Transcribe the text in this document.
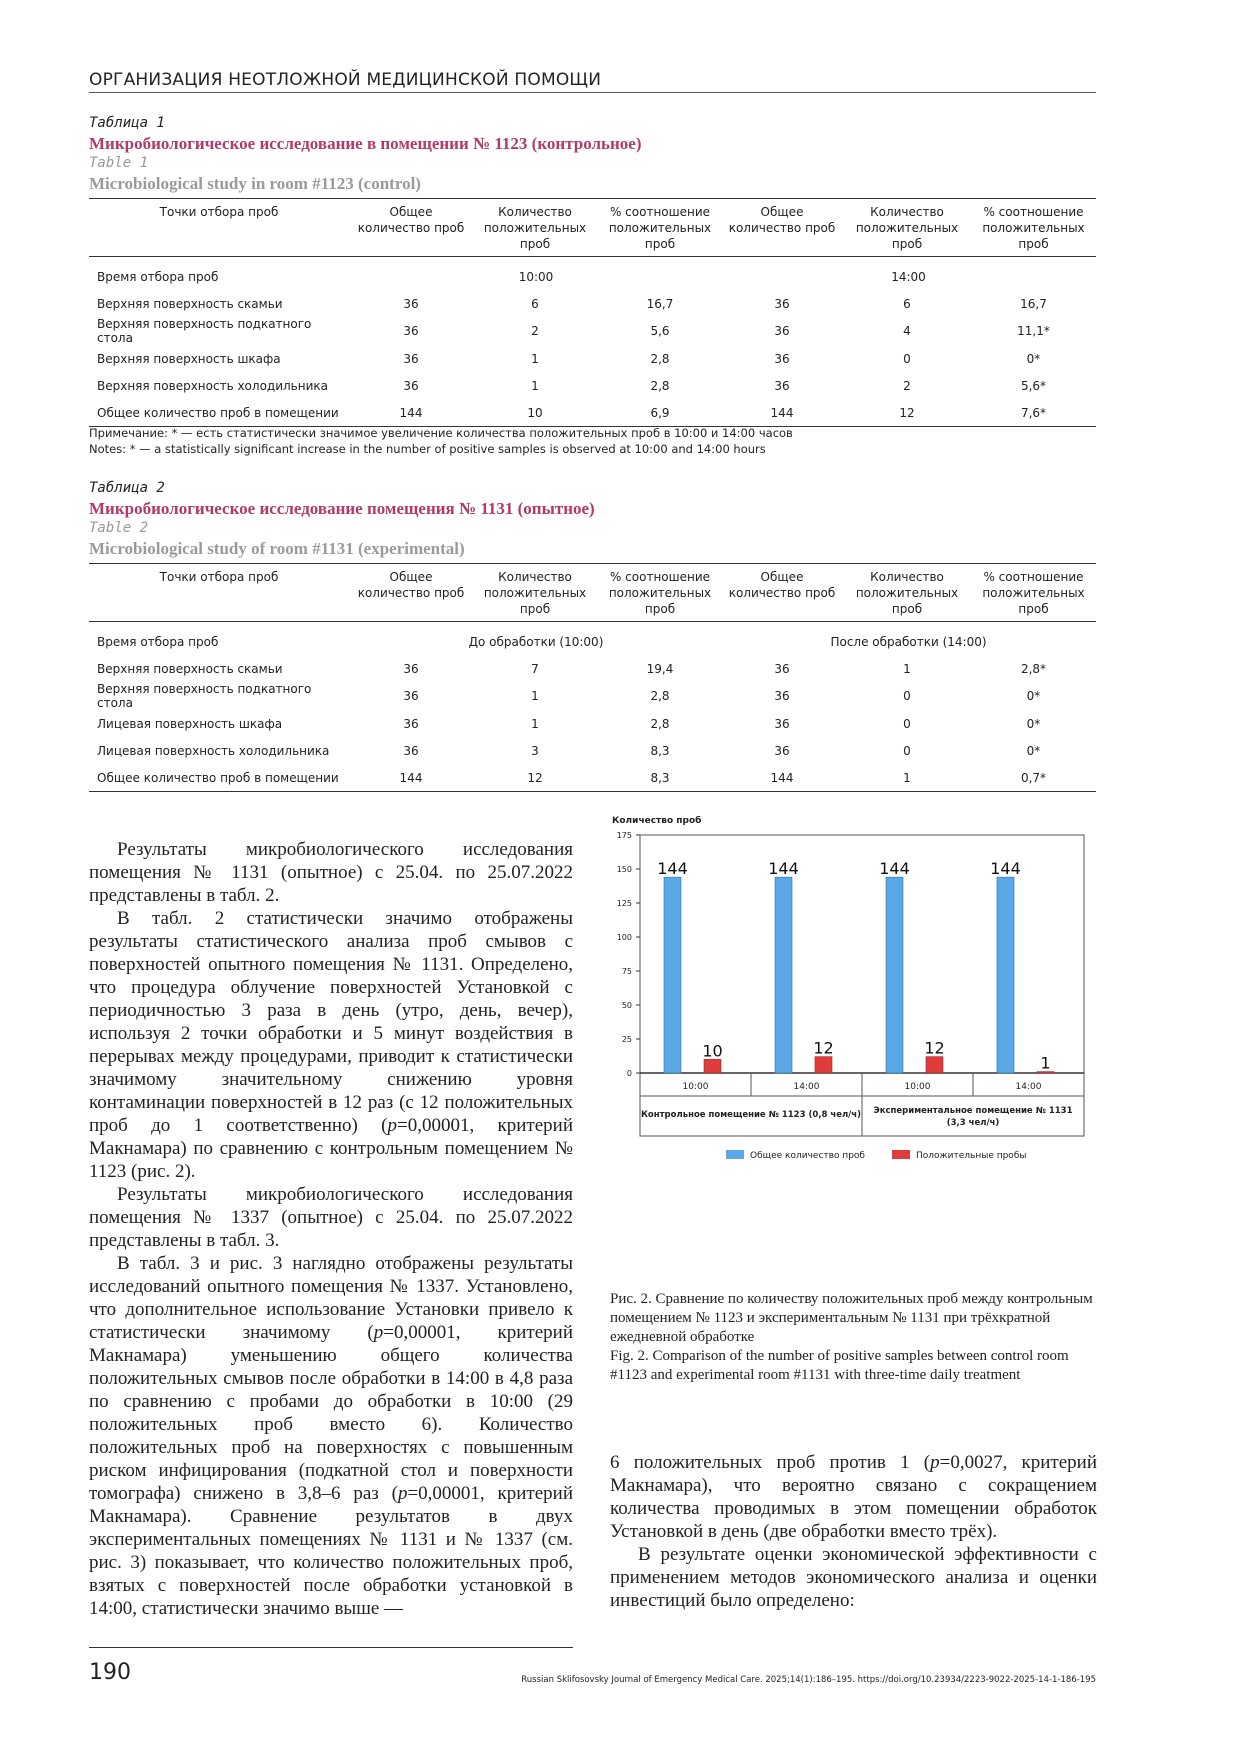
ОРГАНИЗАЦИЯ НЕОТЛОЖНОЙ МЕДИЦИНСКОЙ ПОМОЩИ
Таблица 1
Микробиологическое исследование в помещении № 1123 (контрольное)
Table 1
Microbiological study in room #1123 (control)
Точки отбора проб	Общее количество проб	Количество положительных проб	% соотношение положительных проб	Общее количество проб	Количество положительных проб	% соотношение положительных проб
Время отбора проб	10:00			14:00		
Верхняя поверхность скамьи	36	6	16,7	36	6	16,7
Верхняя поверхность подкатного стола	36	2	5,6	36	4	11,1*
Верхняя поверхность шкафа	36	1	2,8	36	0	0*
Верхняя поверхность холодильника	36	1	2,8	36	2	5,6*
Общее количество проб в помещении	144	10	6,9	144	12	7,6*
Примечание: * — есть статистически значимое увеличение количества положительных проб в 10:00 и 14:00 часов
Notes: * — a statistically significant increase in the number of positive samples is observed at 10:00 and 14:00 hours
Таблица 2
Микробиологическое исследование помещения № 1131 (опытное)
Table 2
Microbiological study of room #1131 (experimental)
Точки отбора проб	Общее количество проб	Количество положительных проб	% соотношение положительных проб	Общее количество проб	Количество положительных проб	% соотношение положительных проб
Время отбора проб	До обработки (10:00)			После обработки (14:00)		
Верхняя поверхность скамьи	36	7	19,4	36	1	2,8*
Верхняя поверхность подкатного стола	36	1	2,8	36	0	0*
Лицевая поверхность шкафа	36	1	2,8	36	0	0*
Лицевая поверхность холодильника	36	3	8,3	36	0	0*
Общее количество проб в помещении	144	12	8,3	144	1	0,7*

Результаты микробиологического исследования помещения № 1131 (опытное) с 25.04. по 25.07.2022 представлены в табл. 2.

В табл. 2 статистически значимо отображены результаты статистического анализа проб смывов с поверхностей опытного помещения № 1131. Определено, что процедура облучение поверхностей Установкой с периодичностью 3 раза в день (утро, день, вечер), используя 2 точки обработки и 5 минут воздействия в перерывах между процедурами, приводит к статистически значимому значительному снижению уровня контаминации поверхностей в 12 раз (с 12 положительных проб до 1 соответственно) (p=0,00001, критерий Макнамара) по сравнению с контрольным помещением № 1123 (рис. 2).

Результаты микробиологического исследования помещения № 1337 (опытное) с 25.04. по 25.07.2022 представлены в табл. 3.

В табл. 3 и рис. 3 наглядно отображены результаты исследований опытного помещения № 1337. Установлено, что дополнительное использование Установки привело к статистически значимому (p=0,00001, критерий Макнамара) уменьшению общего количества положительных смывов после обработки в 14:00 в 4,8 раза по сравнению с пробами до обработки в 10:00 (29 положительных проб вместо 6). Количество положительных проб на поверхностях с повышенным риском инфицирования (подкатной стол и поверхности томографа) снижено в 3,8–6 раз (p=0,00001, критерий Макнамара). Сравнение результатов в двух экспериментальных помещениях № 1131 и № 1337 (см. рис. 3) показывает, что количество положительных проб, взятых с поверхностей после обработки установкой в 14:00, статистически значимо выше —

Количество проб
0
25
50
75
100
125
150
175
144
10
10:00
144
12
14:00
144
12
10:00
144
1
14:00
Контрольное помещение № 1123 (0,8 чел/ч) Экспериментальное помещение № 1131
(3,3 чел/ч)
Общее количество проб	Положительные пробы
Рис. 2. Сравнение по количеству положительных проб между контрольным помещением № 1123 и экспериментальным № 1131 при трёхкратной ежедневной обработке
Fig. 2. Comparison of the number of positive samples between control room #1123 and experimental room #1131 with three-time daily treatment

6 положительных проб против 1 (p=0,0027, критерий Макнамара), что вероятно связано с сокращением количества проводимых в этом помещении обработок Установкой в день (две обработки вместо трёх).

В результате оценки экономической эффективности с применением методов экономического анализа и оценки инвестиций было определено:

190	Russian Sklifosovsky Journal of Emergency Medical Care. 2025;14(1):186–195. https://doi.org/10.23934/2223-9022-2025-14-1-186-195
